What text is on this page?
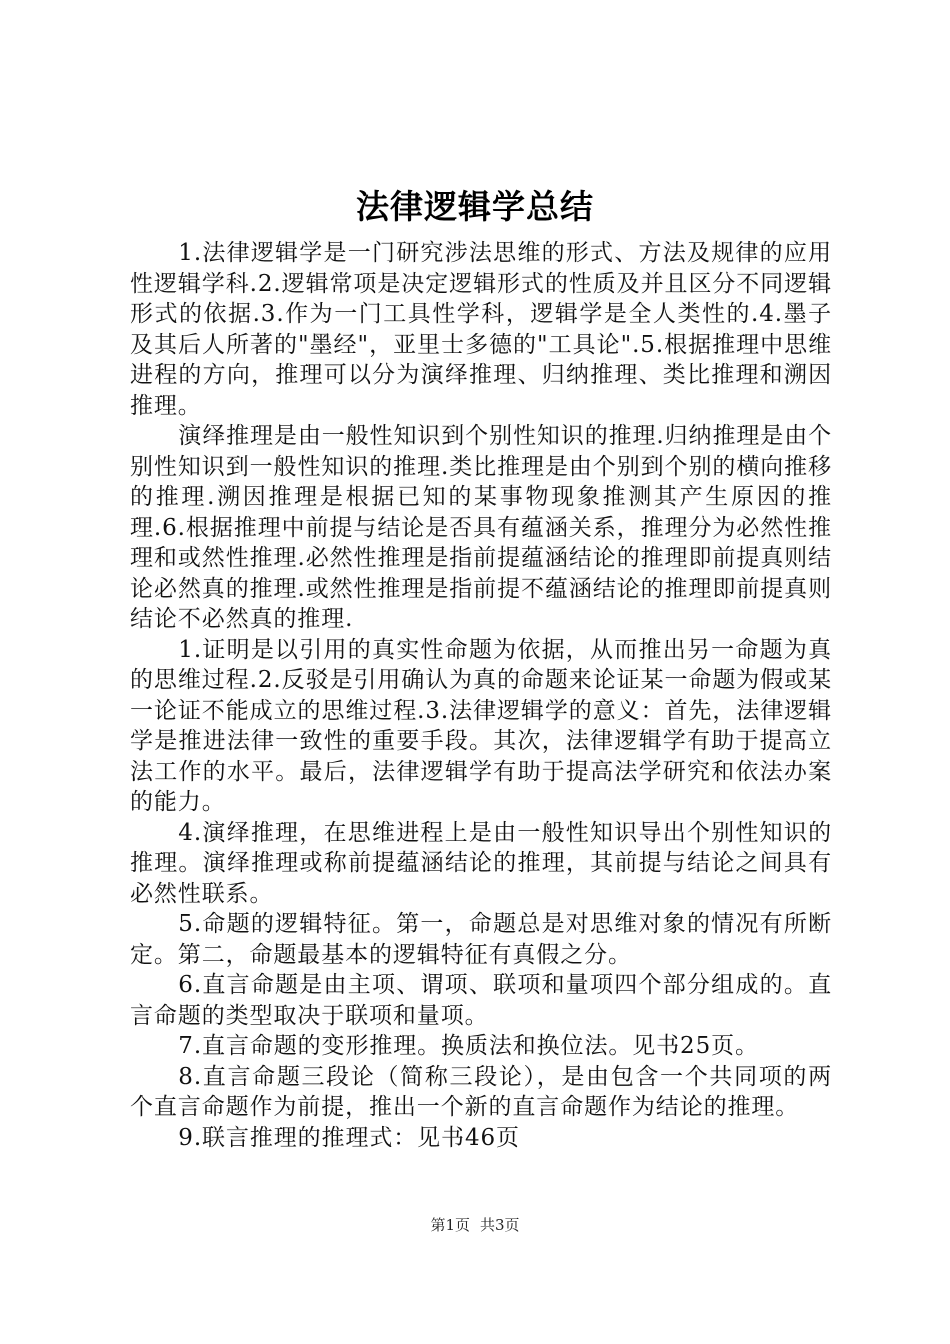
法律逻辑学总结

1.法律逻辑学是一门研究涉法思维的形式、方法及规律的应用性逻辑学科.2.逻辑常项是决定逻辑形式的性质及并且区分不同逻辑形式的依据.3.作为一门工具性学科，逻辑学是全人类性的.4.墨子及其后人所著的"墨经"，亚里士多德的"工具论".5.根据推理中思维进程的方向，推理可以分为演绎推理、归纳推理、类比推理和溯因推理。

演绎推理是由一般性知识到个别性知识的推理.归纳推理是由个别性知识到一般性知识的推理.类比推理是由个别到个别的横向推移的推理.溯因推理是根据已知的某事物现象推测其产生原因的推理.6.根据推理中前提与结论是否具有蕴涵关系，推理分为必然性推理和或然性推理.必然性推理是指前提蕴涵结论的推理即前提真则结论必然真的推理.或然性推理是指前提不蕴涵结论的推理即前提真则结论不必然真的推理.

1.证明是以引用的真实性命题为依据，从而推出另一命题为真的思维过程.2.反驳是引用确认为真的命题来论证某一命题为假或某一论证不能成立的思维过程.3.法律逻辑学的意义：首先，法律逻辑学是推进法律一致性的重要手段。其次，法律逻辑学有助于提高立法工作的水平。最后，法律逻辑学有助于提高法学研究和依法办案的能力。

4.演绎推理，在思维进程上是由一般性知识导出个别性知识的推理。演绎推理或称前提蕴涵结论的推理，其前提与结论之间具有必然性联系。

5.命题的逻辑特征。第一，命题总是对思维对象的情况有所断定。第二，命题最基本的逻辑特征有真假之分。

6.直言命题是由主项、谓项、联项和量项四个部分组成的。直言命题的类型取决于联项和量项。

7.直言命题的变形推理。换质法和换位法。见书25页。

8.直言命题三段论（简称三段论），是由包含一个共同项的两个直言命题作为前提，推出一个新的直言命题作为结论的推理。

9.联言推理的推理式：见书46页

第1页 共3页
